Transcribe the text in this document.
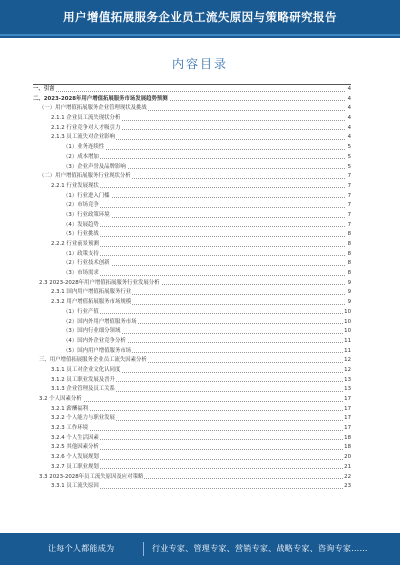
用户增值拓展服务企业员工流失原因与策略研究报告
内容目录
一、引言	4
二、2023-2028年用户增值拓展服务市场发展趋势预测	4
（一）用户增值拓展服务企业管理现状及挑战	4
2.1.1 企业员工流失现状分析	4
2.1.2 行业竞争对人才吸引力	4
2.1.3 员工流失对企业影响	4
（1）业务连续性	5
（2）成本增加	5
（3）企业声誉及品牌影响	5
（二）用户增值拓展服务行业现状分析	7
2.2.1 行业发展现状	7
（1）行业进入门槛	7
（2）市场竞争	7
（3）行业政策环境	7
（4）发展趋势	7
（5）行业挑战	8
2.2.2 行业前景预测	8
（1）政策支持	8
（2）行业技术创新	8
（3）市场需求	8
2.3 2023-2028年用户增值拓展服务行业发展分析	9
2.3.1 国内用户增值拓展服务行业	9
2.3.2 用户增值拓展服务市场规模	9
（1）行业产值	10
（2）国内外用户增值服务市场	10
（3）国内行业细分领域	10
（4）国内外企业竞争分析	11
（5）国内用户增值服务市场	11
三、用户增值拓展服务企业员工流失因素分析	12
3.1.1 员工对企业文化认同度	12
3.1.2 员工职业发展及晋升	13
3.1.3 企业管理及员工关系	13
3.2 个人因素分析	17
3.2.1 薪酬福利	17
3.2.2 个人能力与职业发展	17
3.2.3 工作环境	17
3.2.4 个人生活因素	18
3.2.5 其他因素分析	18
3.2.6 个人发展规划	20
3.2.7 员工职业规划	21
3.3 2023-2028年员工流失原因及应对策略	22
3.3.1 员工流失原因	23
让每个人都能成为	行业专家、管理专家、营销专家、战略专家、咨询专家……
